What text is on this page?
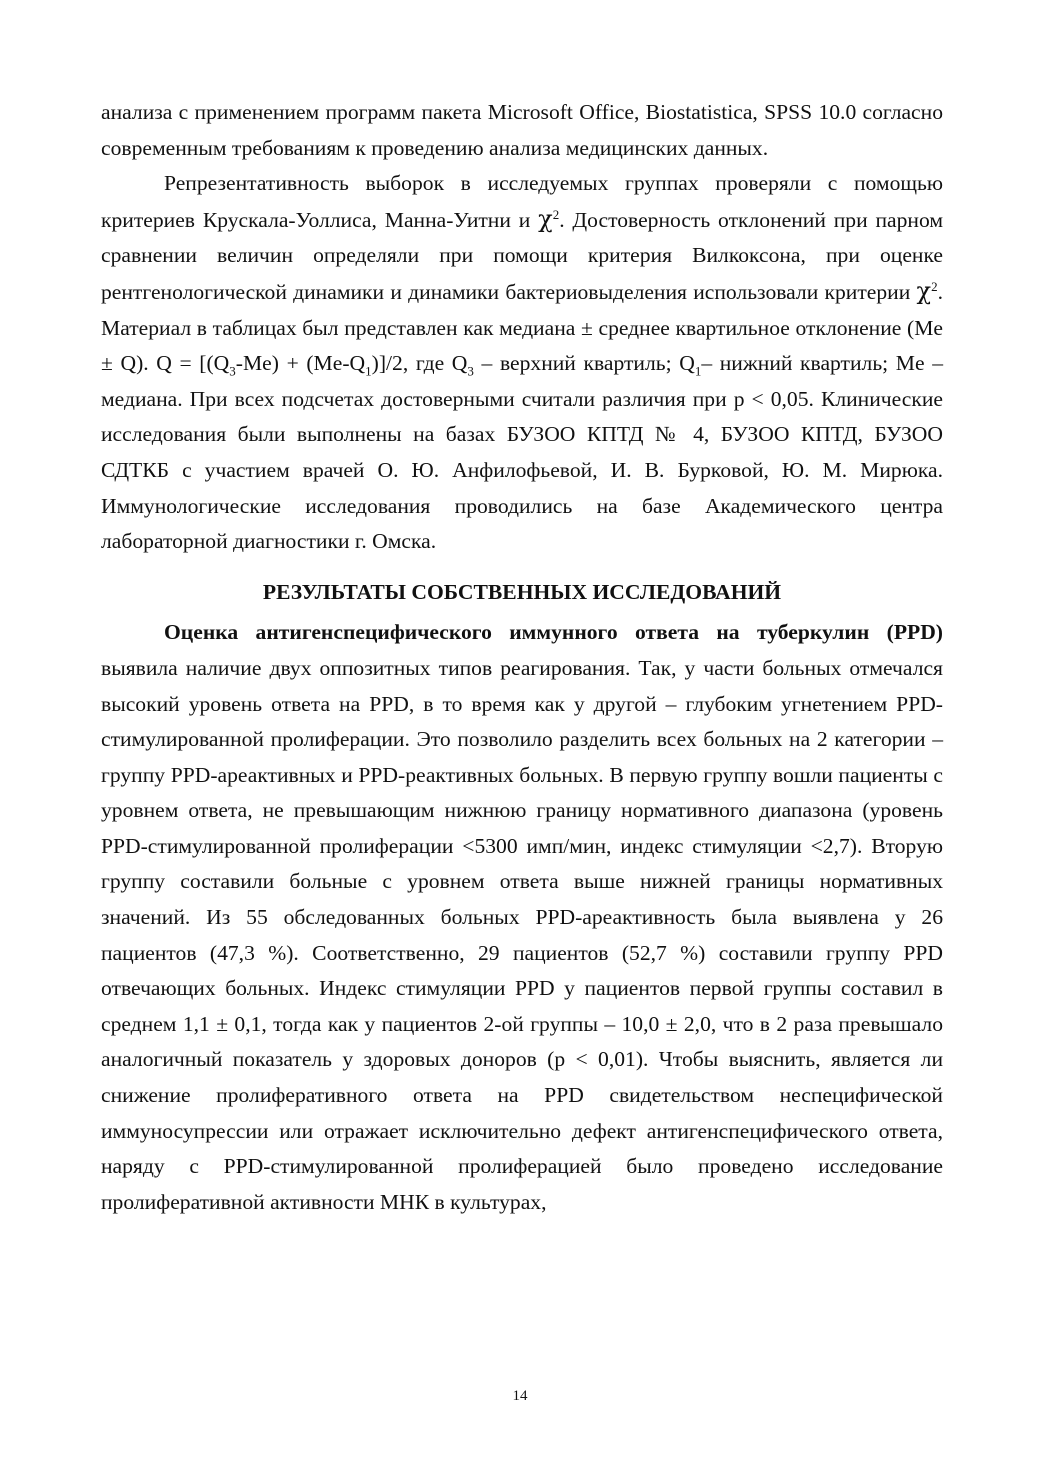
анализа с применением программ пакета Microsoft Office, Biostatistica, SPSS 10.0 согласно современным требованиям к проведению анализа медицинских данных.

Репрезентативность выборок в исследуемых группах проверяли с помощью критериев Крускала-Уоллиса, Манна-Уитни и $\chi^2$. Достоверность отклонений при парном сравнении величин определяли при помощи критерия Вилкоксона, при оценке рентгенологической динамики и динамики бактериовыделения использовали критерии $\chi^2$. Материал в таблицах был представлен как медиана ± среднее квартильное отклонение (Me ± Q). $Q = [(Q_3-Me) + (Me-Q_1)]/2$, где $Q_3$ – верхний квартиль; $Q_1-$ нижний квартиль; Me – медиана. При всех подсчетах достоверными считали различия при p < 0,05. Клинические исследования были выполнены на базах БУЗОО КПТД № 4, БУЗОО КПТД, БУЗОО СДТКБ с участием врачей О. Ю. Анфилофьевой, И. В. Бурковой, Ю. М. Мирюка. Иммунологические исследования проводились на базе Академического центра лабораторной диагностики г. Омска.

РЕЗУЛЬТАТЫ СОБСТВЕННЫХ ИССЛЕДОВАНИЙ

Оценка антигенспецифического иммунного ответа на туберкулин (PPD) выявила наличие двух оппозитных типов реагирования. Так, у части больных отмечался высокий уровень ответа на PPD, в то время как у другой – глубоким угнетением PPD-стимулированной пролиферации. Это позволило разделить всех больных на 2 категории – группу PPD-ареактивных и PPD-реактивных больных. В первую группу вошли пациенты с уровнем ответа, не превышающим нижнюю границу нормативного диапазона (уровень PPD-стимулированной пролиферации <5300 имп/мин, индекс стимуляции <2,7). Вторую группу составили больные с уровнем ответа выше нижней границы нормативных значений. Из 55 обследованных больных PPD-ареактивность была выявлена у 26 пациентов (47,3 %). Соответственно, 29 пациентов (52,7 %) составили группу PPD отвечающих больных. Индекс стимуляции PPD у пациентов первой группы составил в среднем 1,1 ± 0,1, тогда как у пациентов 2-ой группы – 10,0 ± 2,0, что в 2 раза превышало аналогичный показатель у здоровых доноров (p < 0,01). Чтобы выяснить, является ли снижение пролиферативного ответа на PPD свидетельством неспецифической иммуносупрессии или отражает исключительно дефект антигенспецифического ответа, наряду с PPD-стимулированной пролиферацией было проведено исследование пролиферативной активности МНК в культурах,

14
